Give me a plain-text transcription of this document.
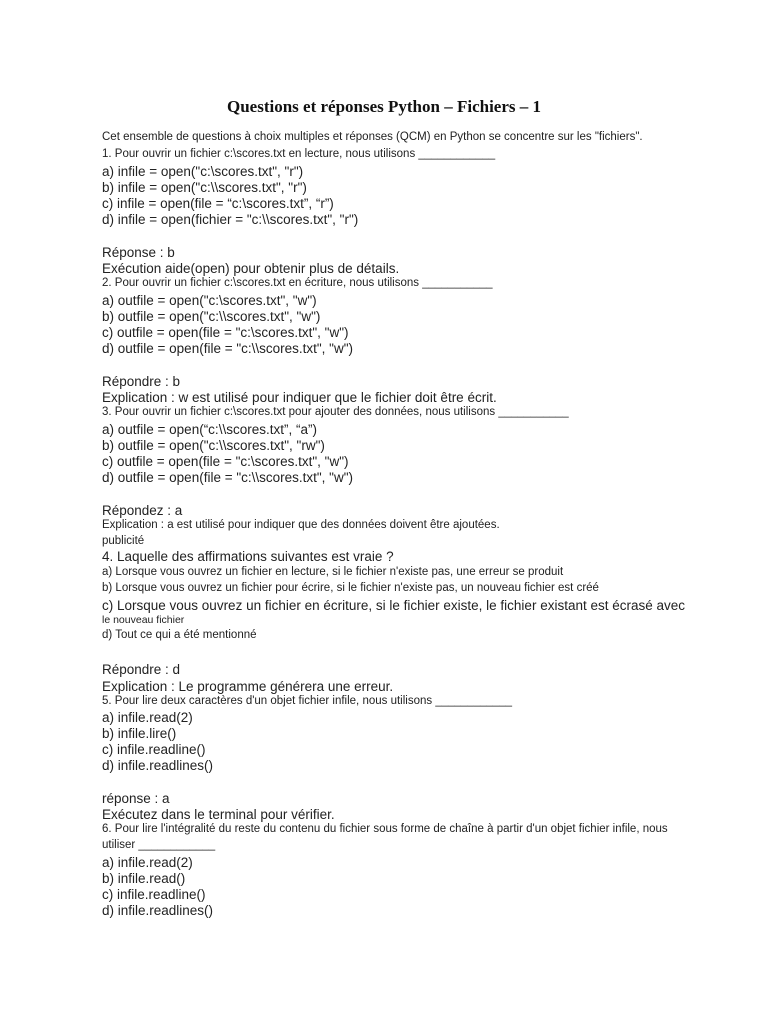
Questions et réponses Python – Fichiers – 1
Cet ensemble de questions à choix multiples et réponses (QCM) en Python se concentre sur les "fichiers".
1. Pour ouvrir un fichier c:\scores.txt en lecture, nous utilisons ____________
a) infile = open("c:\scores.txt", "r")
b) infile = open("c:\\scores.txt", "r")
c) infile = open(file = “c:\scores.txt”, “r”)
d) infile = open(fichier = "c:\\scores.txt", "r")
Réponse : b
Exécution aide(open) pour obtenir plus de détails.
2. Pour ouvrir un fichier c:\scores.txt en écriture, nous utilisons ___________
a) outfile = open("c:\scores.txt", "w")
b) outfile = open("c:\\scores.txt", "w")
c) outfile = open(file = "c:\scores.txt", "w")
d) outfile = open(file = "c:\\scores.txt", "w")
Répondre : b
Explication : w est utilisé pour indiquer que le fichier doit être écrit.
3. Pour ouvrir un fichier c:\scores.txt pour ajouter des données, nous utilisons ___________
a) outfile = open(“c:\\scores.txt”, “a”)
b) outfile = open("c:\\scores.txt", "rw")
c) outfile = open(file = "c:\scores.txt", "w")
d) outfile = open(file = "c:\\scores.txt", "w")
Répondez : a
Explication : a est utilisé pour indiquer que des données doivent être ajoutées.
publicité
4. Laquelle des affirmations suivantes est vraie ?
a) Lorsque vous ouvrez un fichier en lecture, si le fichier n'existe pas, une erreur se produit
b) Lorsque vous ouvrez un fichier pour écrire, si le fichier n'existe pas, un nouveau fichier est créé
c) Lorsque vous ouvrez un fichier en écriture, si le fichier existe, le fichier existant est écrasé avec
le nouveau fichier
d) Tout ce qui a été mentionné
Répondre : d
Explication : Le programme générera une erreur.
5. Pour lire deux caractères d'un objet fichier infile, nous utilisons ____________
a) infile.read(2)
b) infile.lire()
c) infile.readline()
d) infile.readlines()
réponse : a
Exécutez dans le terminal pour vérifier.
6. Pour lire l'intégralité du reste du contenu du fichier sous forme de chaîne à partir d'un objet fichier infile, nous
utiliser ____________
a) infile.read(2)
b) infile.read()
c) infile.readline()
d) infile.readlines()
